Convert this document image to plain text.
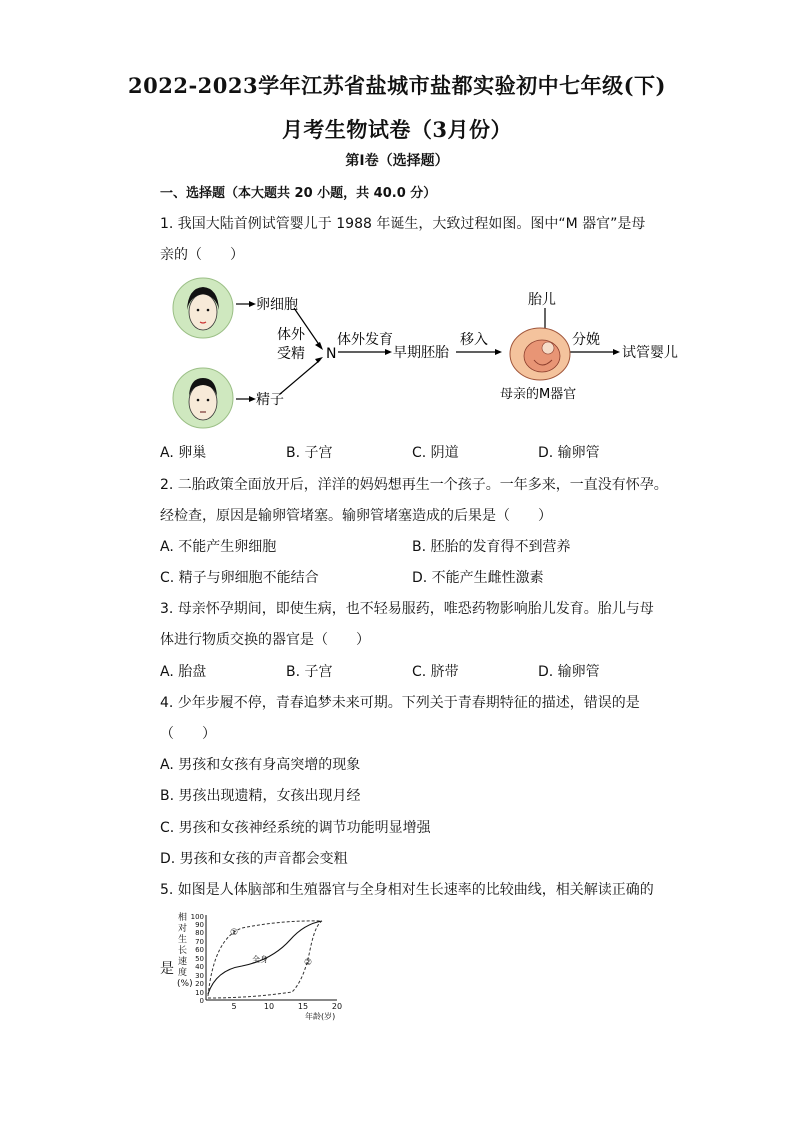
2022-2023学年江苏省盐城市盐都实验初中七年级(下)
月考生物试卷（3月份）
第Ⅰ卷（选择题）
一、选择题（本大题共 20 小题，共 40.0 分）
1. 我国大陆首例试管婴儿于 1988 年诞生，大致过程如图。图中“M 器官”是母
亲的（　　）
卵细胞
精子
体外
受精 N
体外发育
早期胚胎
移入
胎儿
母亲的M器官
分娩
试管婴儿
A. 卵巢	B. 子宫	C. 阴道	D. 输卵管
2. 二胎政策全面放开后，洋洋的妈妈想再生一个孩子。一年多来，一直没有怀孕。
经检查，原因是输卵管堵塞。输卵管堵塞造成的后果是（　　）
A. 不能产生卵细胞	B. 胚胎的发育得不到营养
C. 精子与卵细胞不能结合	D. 不能产生雌性激素
3. 母亲怀孕期间，即使生病，也不轻易服药，唯恐药物影响胎儿发育。胎儿与母
体进行物质交换的器官是（　　）
A. 胎盘	B. 子宫	C. 脐带	D. 输卵管
4. 少年步履不停，青春追梦未来可期。下列关于青春期特征的描述，错误的是
（　　）
A. 男孩和女孩有身高突增的现象
B. 男孩出现遗精，女孩出现月经
C. 男孩和女孩神经系统的调节功能明显增强
D. 男孩和女孩的声音都会变粗
5. 如图是人体脑部和生殖器官与全身相对生长速率的比较曲线，相关解读正确的
是
相
对
生
长
速
度
(%)
100
90
80
70
60
50
40
30
20
10
0
5	10	15	20
年龄(岁)
①
全身	②
